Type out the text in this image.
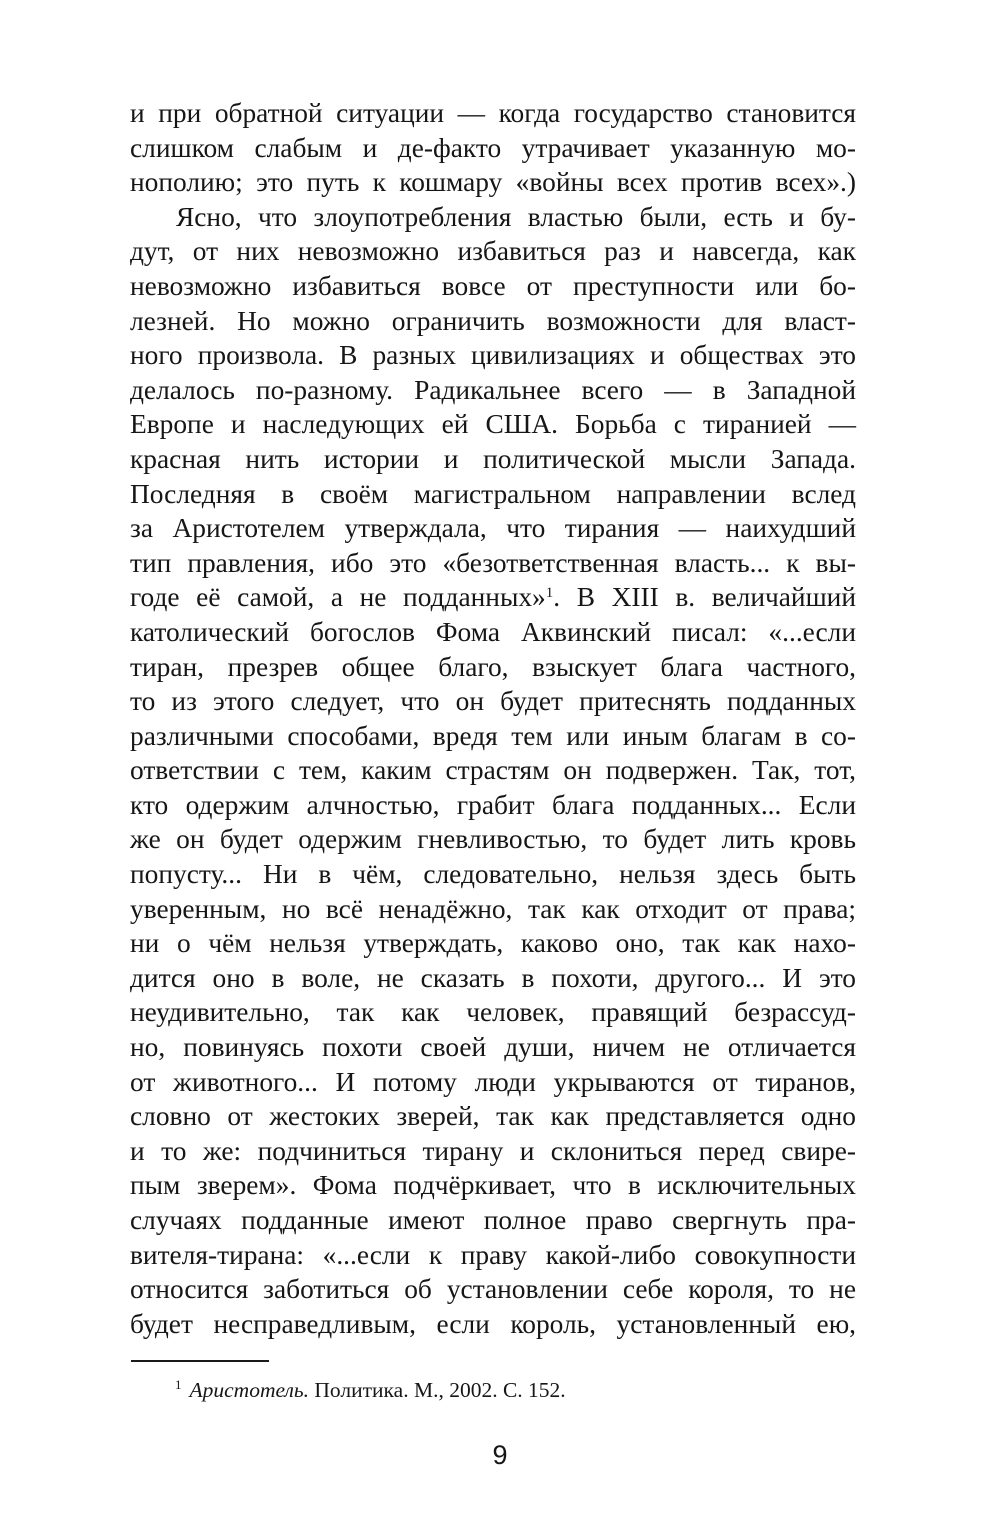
и при обратной ситуации — когда государство становится
слишком слабым и де-факто утрачивает указанную мо-
нополию; это путь к кошмару «войны всех против всех».)
Ясно, что злоупотребления властью были, есть и бу-
дут, от них невозможно избавиться раз и навсегда, как
невозможно избавиться вовсе от преступности или бо-
лезней. Но можно ограничить возможности для власт-
ного произвола. В разных цивилизациях и обществах это
делалось по-разному. Радикальнее всего — в Западной
Европе и наследующих ей США. Борьба с тиранией —
красная нить истории и политической мысли Запада.
Последняя в своём магистральном направлении вслед
за Аристотелем утверждала, что тирания — наихудший
тип правления, ибо это «безответственная власть... к вы-
годе её самой, а не подданных»$^1$. В XIII в. величайший
католический богослов Фома Аквинский писал: «...если
тиран, презрев общее благо, взыскует блага частного,
то из этого следует, что он будет притеснять подданных
различными способами, вредя тем или иным благам в со-
ответствии с тем, каким страстям он подвержен. Так, тот,
кто одержим алчностью, грабит блага подданных... Если
же он будет одержим гневливостью, то будет лить кровь
попусту... Ни в чём, следовательно, нельзя здесь быть
уверенным, но всё ненадёжно, так как отходит от права;
ни о чём нельзя утверждать, каково оно, так как нахо-
дится оно в воле, не сказать в похоти, другого... И это
неудивительно, так как человек, правящий безрассуд-
но, повинуясь похоти своей души, ничем не отличается
от животного... И потому люди укрываются от тиранов,
словно от жестоких зверей, так как представляется одно
и то же: подчиниться тирану и склониться перед свире-
пым зверем». Фома подчёркивает, что в исключительных
случаях подданные имеют полное право свергнуть пра-
вителя-тирана: «...если к праву какой-либо совокупности
относится заботиться об установлении себе короля, то не
будет несправедливым, если король, установленный ею,
$^1$ Аристотель. Политика. М., 2002. С. 152.
9
